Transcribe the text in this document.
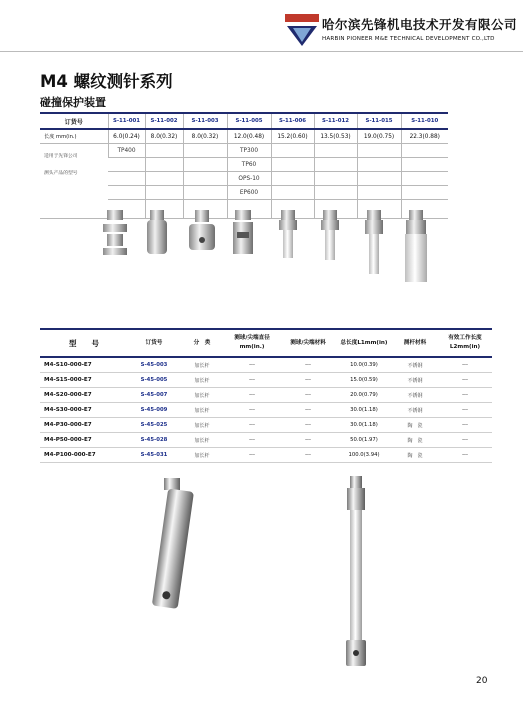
哈尔滨先锋机电技术开发有限公司
HARBIN PIONEER M&E TECHNICAL DEVELOPMENT CO.,LTD
M4 螺纹测针系列
碰撞保护装置
订货号	S-11-001	S-11-002	S-11-003	S-11-005	S-11-006	S-11-012	S-11-015	S-11-010
长度 mm(in.)	6.0(0.24)	8.0(0.32)	8.0(0.32)	12.0(0.48)	15.2(0.60)	13.5(0.53)	19.0(0.75)	22.3(0.88)

适用于先锋公司
测头产品的型号	TP400			TP300				
				TP60				
				OPS-10				
				EP600				

型　　号	订货号	分　类	测球/尖端直径mm(in.)	测球/尖端材料	总长度L1mm(in)	测杆材料	有效工作长度L2mm(in)
M4-S10-000-E7	S-45-003	加长杆	---	---	10.0(0.39)	不锈钢	---
M4-S15-000-E7	S-45-005	加长杆	---	---	15.0(0.59)	不锈钢	---
M4-S20-000-E7	S-45-007	加长杆	---	---	20.0(0.79)	不锈钢	---
M4-S30-000-E7	S-45-009	加长杆	---	---	30.0(1.18)	不锈钢	---
M4-P30-000-E7	S-45-025	加长杆	---	---	30.0(1.18)	陶　瓷	---
M4-P50-000-E7	S-45-028	加长杆	---	---	50.0(1.97)	陶　瓷	---
M4-P100-000-E7	S-45-031	加长杆	---	---	100.0(3.94)	陶　瓷	---
20
